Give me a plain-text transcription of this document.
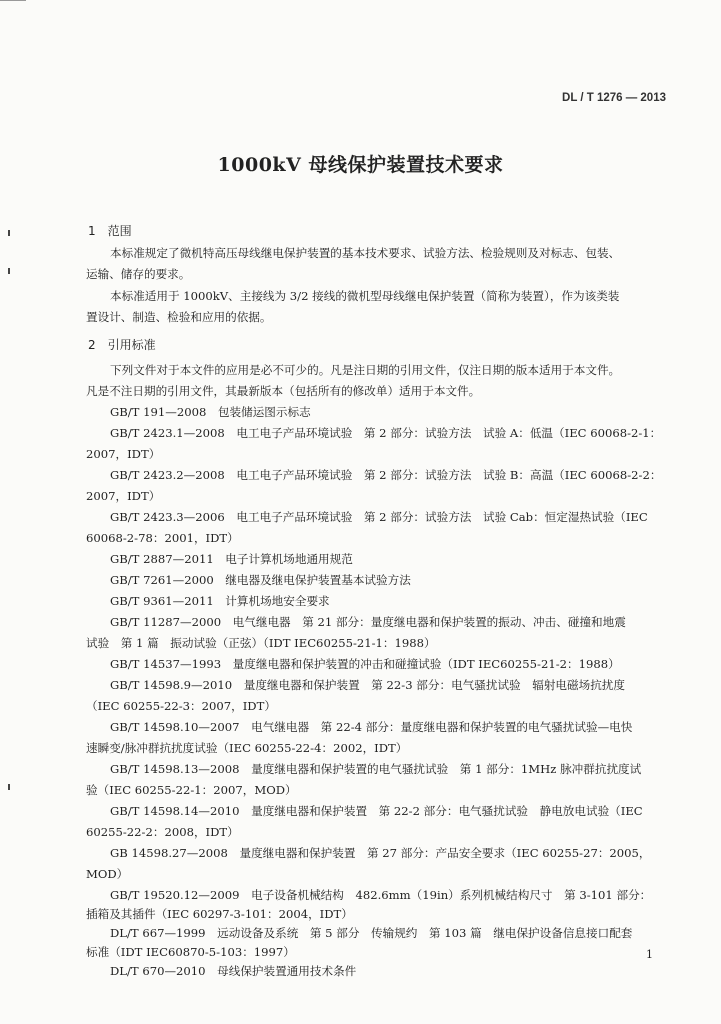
DL / T 1276 — 2013
1000kV 母线保护装置技术要求
1　 范围
本标准规定了微机特高压母线继电保护装置的基本技术要求、试验方法、检验规则及对标志、包装、
运输、储存的要求。
本标准适用于 1000kV、主接线为 3/2 接线的微机型母线继电保护装置（简称为装置），作为该类装
置设计、制造、检验和应用的依据。
2　 引用标准
下列文件对于本文件的应用是必不可少的。凡是注日期的引用文件，仅注日期的版本适用于本文件。
凡是不注日期的引用文件，其最新版本（包括所有的修改单）适用于本文件。
GB/T 191—2008　包装储运图示标志
GB/T 2423.1—2008　电工电子产品环境试验　第 2 部分：试验方法　试验 A：低温（IEC 60068-2-1：
2007，IDT）
GB/T 2423.2—2008　电工电子产品环境试验　第 2 部分：试验方法　试验 B：高温（IEC 60068-2-2：
2007，IDT）
GB/T 2423.3—2006　电工电子产品环境试验　第 2 部分：试验方法　试验 Cab：恒定湿热试验（IEC
60068-2-78：2001，IDT）
GB/T 2887—2011　电子计算机场地通用规范
GB/T 7261—2000　继电器及继电保护装置基本试验方法
GB/T 9361—2011　计算机场地安全要求
GB/T 11287—2000　电气继电器　第 21 部分：量度继电器和保护装置的振动、冲击、碰撞和地震
试验　第 1 篇　振动试验（正弦）（IDT IEC60255-21-1：1988）
GB/T 14537—1993　量度继电器和保护装置的冲击和碰撞试验（IDT IEC60255-21-2：1988）
GB/T 14598.9—2010　量度继电器和保护装置　第 22-3 部分：电气骚扰试验　辐射电磁场抗扰度
（IEC 60255-22-3：2007，IDT）
GB/T 14598.10—2007　电气继电器　第 22-4 部分：量度继电器和保护装置的电气骚扰试验—电快
速瞬变/脉冲群抗扰度试验（IEC 60255-22-4：2002，IDT）
GB/T 14598.13—2008　量度继电器和保护装置的电气骚扰试验　第 1 部分：1MHz 脉冲群抗扰度试
验（IEC 60255-22-1：2007，MOD）
GB/T 14598.14—2010　量度继电器和保护装置　第 22-2 部分：电气骚扰试验　静电放电试验（IEC
60255-22-2：2008，IDT）
GB 14598.27—2008　量度继电器和保护装置　第 27 部分：产品安全要求（IEC 60255-27：2005，
MOD）
GB/T 19520.12—2009　电子设备机械结构　482.6mm（19in）系列机械结构尺寸　第 3-101 部分：
插箱及其插件（IEC 60297-3-101：2004，IDT）
DL/T 667—1999　远动设备及系统　第 5 部分　传输规约　第 103 篇　继电保护设备信息接口配套
标准（IDT IEC60870-5-103：1997）
DL/T 670—2010　母线保护装置通用技术条件
1
